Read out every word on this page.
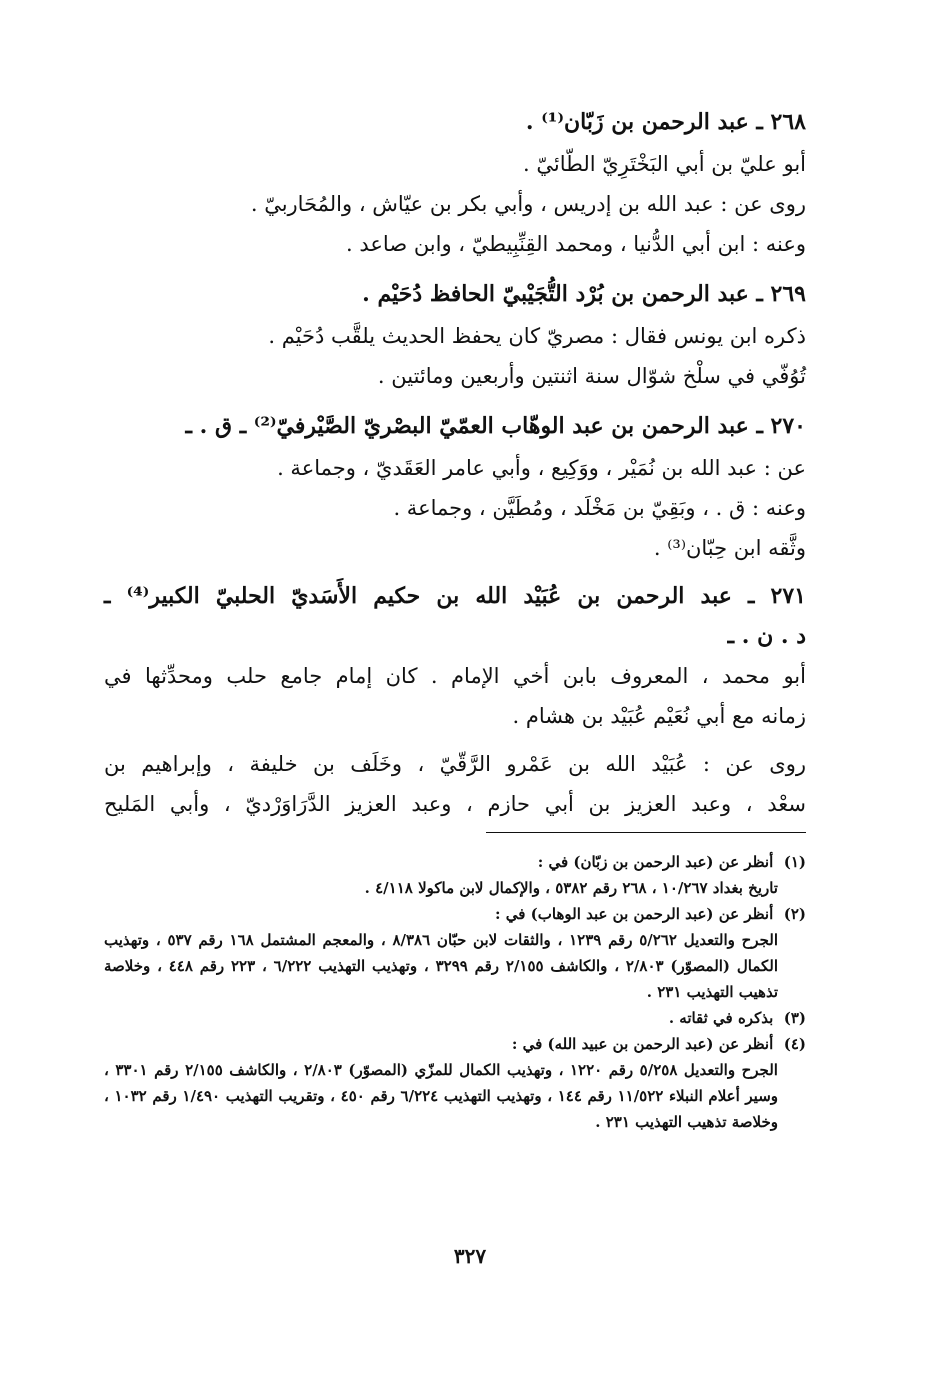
٢٦٨ ـ عبد الرحمن بن زَبّان⁽¹⁾ .
أبو عليّ بن أبي البَخْتَرِيّ الطّائيّ .
روى عن : عبد الله بن إدريس ، وأبي بكر بن عيّاش ، والمُحَاربيّ .
وعنه : ابن أبي الدُّنيا ، ومحمد القِنِّبِيطيّ ، وابن صاعد .
٢٦٩ ـ عبد الرحمن بن بُرْد التُّجَيْبيّ الحافظ دُحَيْم .
ذكره ابن يونس فقال : مصريّ كان يحفظ الحديث يلقَّب دُحَيْم .
تُوُفّي في سلْخ شوّال سنة اثنتين وأربعين ومائتين .
٢٧٠ ـ عبد الرحمن بن عبد الوهّاب العمّيّ البصْريّ الصَّيْرفيّ⁽²⁾ ـ ق . ـ
عن : عبد الله بن نُمَيْر ، ووَكِيع ، وأبي عامر العَقَديّ ، وجماعة .
وعنه : ق . ، وبَقِيّ بن مَخْلَد ، ومُطَيَّن ، وجماعة .
وثَّقه ابن حِبّان⁽³⁾ .
٢٧١ ـ عبد الرحمن بن عُبَيْد الله بن حكيم الأَسَديّ الحلبيّ الكبير⁽⁴⁾ ـ
د . ن . ـ
أبو محمد ، المعروف بابن أخي الإمام . كان إمام جامع حلب ومحدِّثها في
زمانه مع أبي نُعَيْم عُبَيْد بن هشام .
روى عن : عُبَيْد الله بن عَمْرو الرَّقّيّ ، وخَلَف بن خليفة ، وإبراهيم بن
سعْد ، وعبد العزيز بن أبي حازم ، وعبد العزيز الدَّرَاوَرْديّ ، وأبي المَليح
(١)  أنظر عن (عبد الرحمن بن زبّان) في :
تاريخ بغداد ١٠/٢٦٧ ، ٢٦٨ رقم ٥٣٨٢ ، والإكمال لابن ماكولا ٤/١١٨ .
(٢)  أنظر عن (عبد الرحمن بن عبد الوهاب) في :
الجرح والتعديل ٥/٢٦٢ رقم ١٢٣٩ ، والثقات لابن حبّان ٨/٣٨٦ ، والمعجم المشتمل ١٦٨ رقم ٥٣٧ ، وتهذيب الكمال (المصوّر) ٢/٨٠٣ ، والكاشف ٢/١٥٥ رقم ٣٢٩٩ ، وتهذيب التهذيب ٦/٢٢٢ ، ٢٢٣ رقم ٤٤٨ ، وخلاصة تذهيب التهذيب ٢٣١ .
(٣)  بذكره في ثقاته .
(٤)  أنظر عن (عبد الرحمن بن عبيد الله) في :
الجرح والتعديل ٥/٢٥٨ رقم ١٢٢٠ ، وتهذيب الكمال للمزّي (المصوّر) ٢/٨٠٣ ، والكاشف ٢/١٥٥ رقم ٣٣٠١ ، وسير أعلام النبلاء ١١/٥٢٢ رقم ١٤٤ ، وتهذيب التهذيب ٦/٢٢٤ رقم ٤٥٠ ، وتقريب التهذيب ١/٤٩٠ رقم ١٠٣٢ ، وخلاصة تذهيب التهذيب ٢٣١ .
٣٢٧
